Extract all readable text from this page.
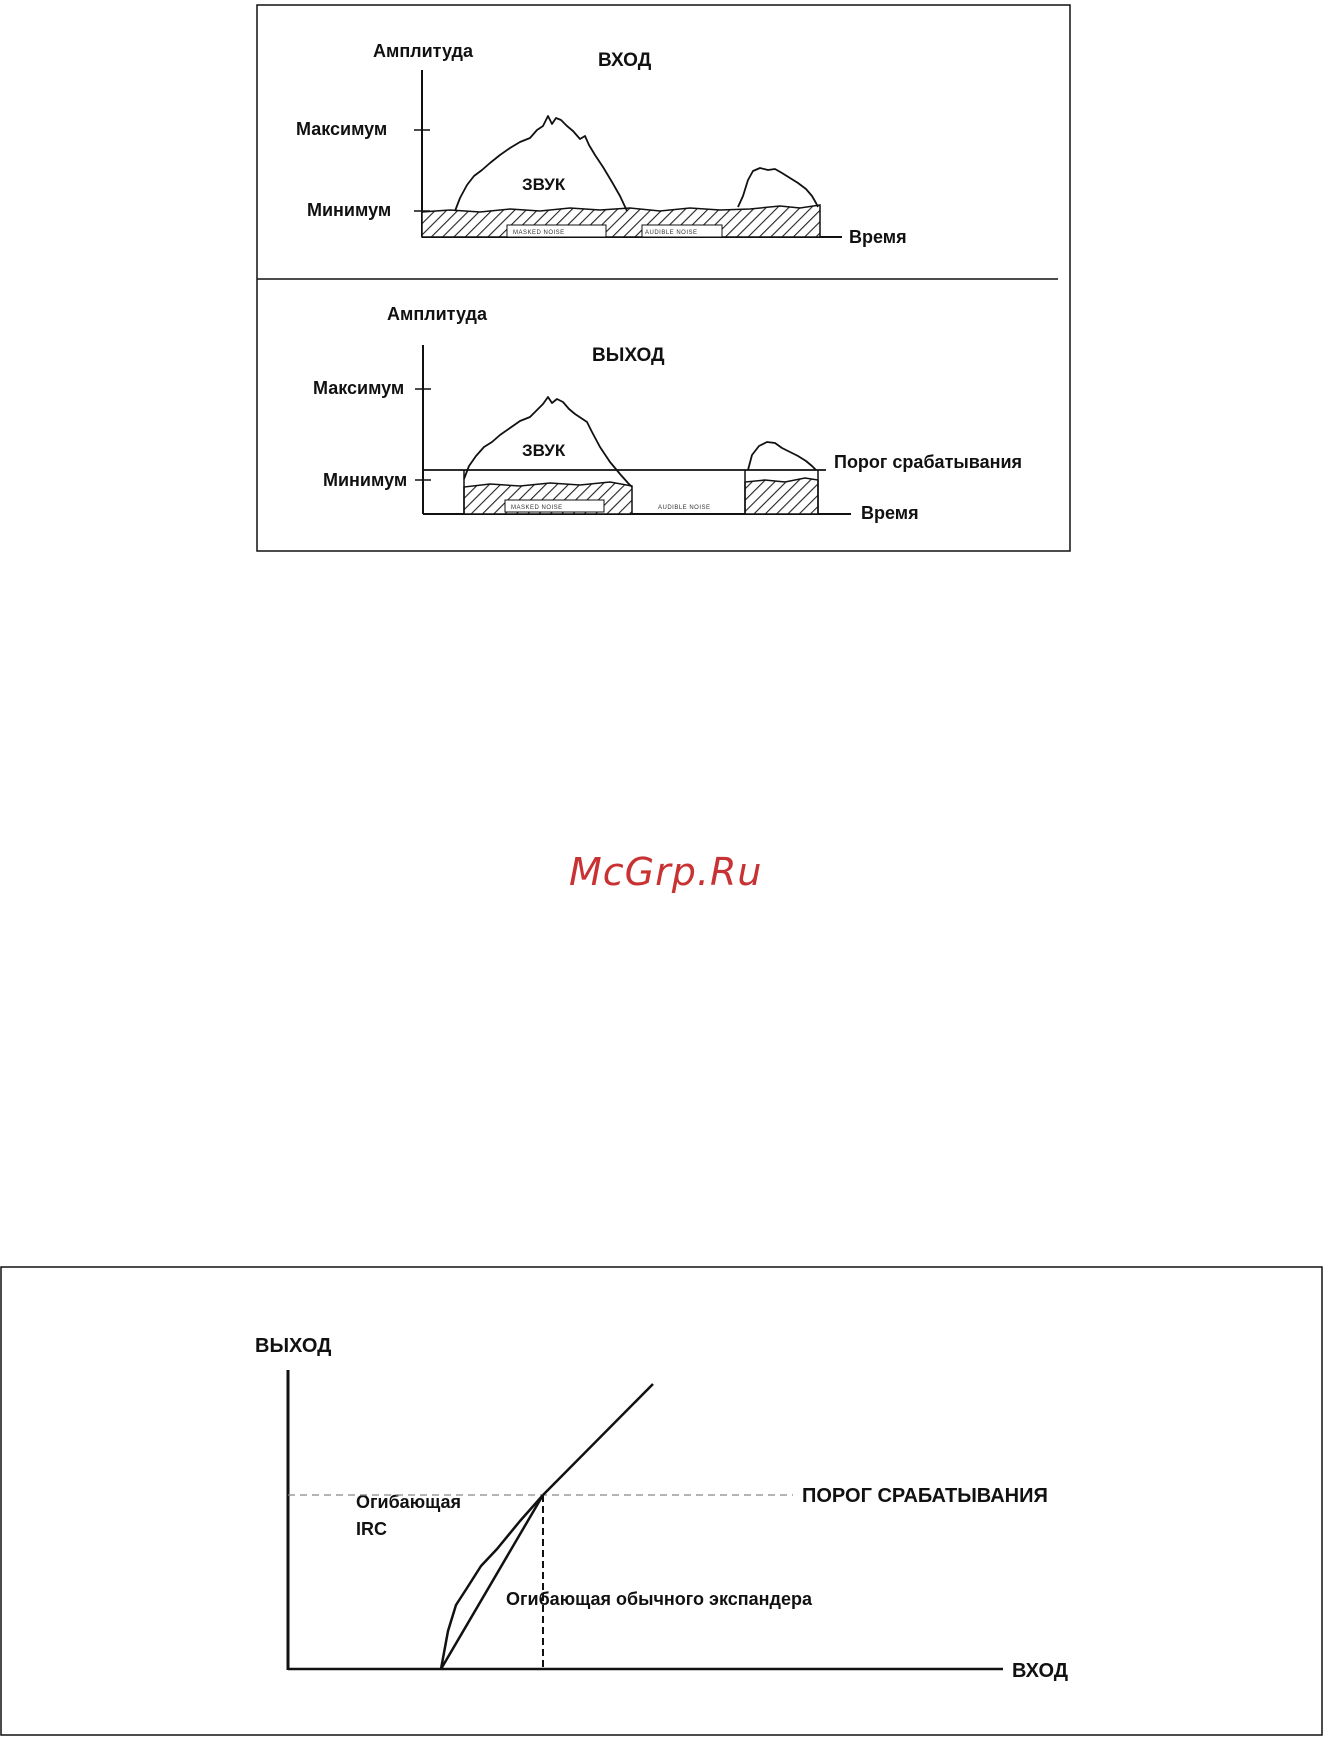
Амплитуда	ВХОД
Максимум
Минимум
Время
MASKED NOISE	AUDIBLE NOISE
ЗВУК
Амплитуда
ВЫХОД
Максимум
Минимум
Порог срабатывания
Время
MASKED NOISE	AUDIBLE NOISE
ЗВУК
McGrp.Ru
ВЫХОД
ВХОД
ПОРОГ СРАБАТЫВАНИЯ
Огибающая
IRC
Огибающая обычного экспандера
